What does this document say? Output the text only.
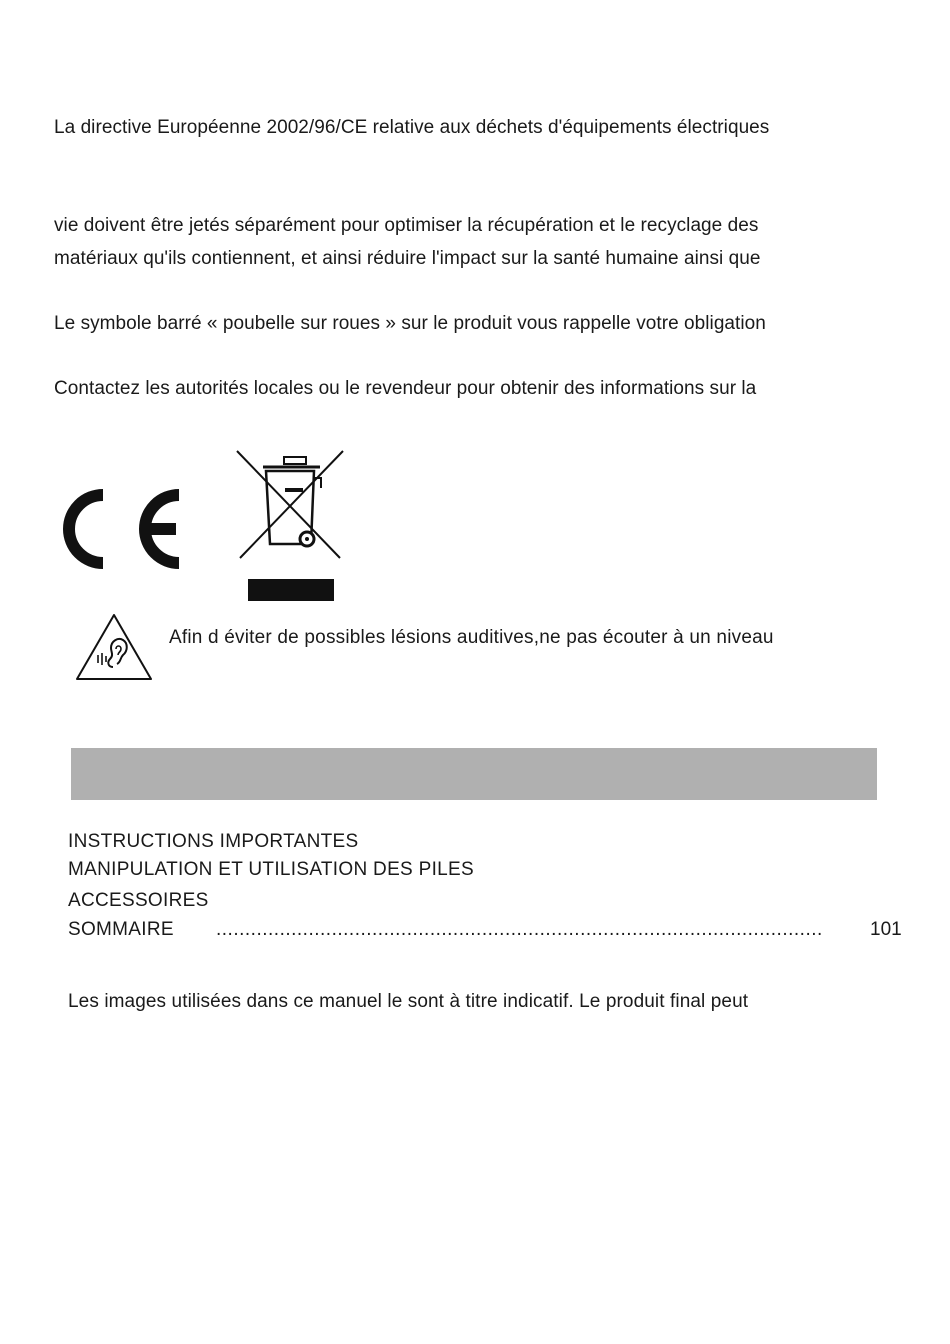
La directive Européenne 2002/96/CE relative aux déchets d'équipements électriques
vie doivent être jetés séparément pour optimiser la récupération et le recyclage des
matériaux qu'ils contiennent, et ainsi réduire l'impact sur la santé humaine ainsi que
Le symbole barré « poubelle sur roues » sur le produit vous rappelle votre obligation
Contactez les autorités locales ou le revendeur pour obtenir des informations sur la
Afin d éviter de possibles lésions auditives,ne pas écouter à un niveau
INSTRUCTIONS IMPORTANTES
MANIPULATION ET UTILISATION DES PILES
ACCESSOIRES
SOMMAIRE ......................................................................................................... 101
Les images utilisées dans ce manuel le sont à titre indicatif. Le produit final peut
